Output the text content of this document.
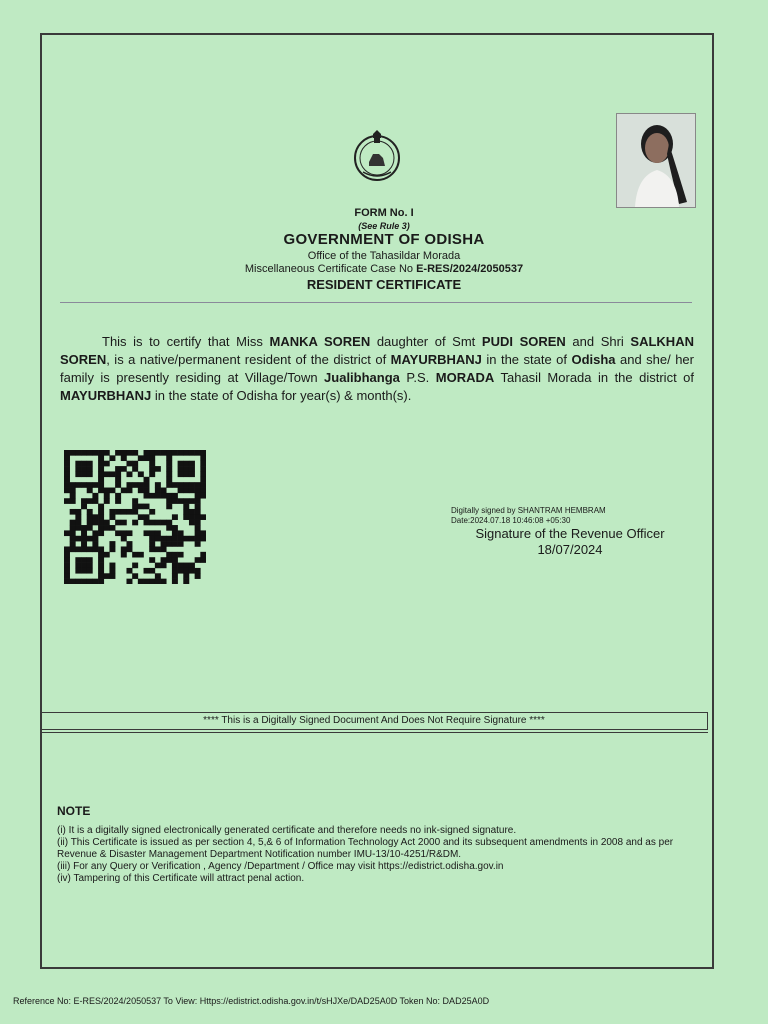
FORM No. I
(See Rule 3)
GOVERNMENT OF ODISHA
Office of the Tahasildar Morada
Miscellaneous Certificate Case No E-RES/2024/2050537
RESIDENT CERTIFICATE
This is to certify that Miss MANKA SOREN daughter of Smt PUDI SOREN and Shri SALKHAN SOREN, is a native/permanent resident of the district of MAYURBHANJ in the state of Odisha and she/ her family is presently residing at Village/Town Jualibhanga P.S. MORADA Tahasil Morada in the district of MAYURBHANJ in the state of Odisha for year(s) & month(s).
Digitally signed by SHANTRAM HEMBRAM
Date:2024.07.18 10:46:08 +05:30
Signature of the Revenue Officer
18/07/2024
**** This is a Digitally Signed Document And Does Not Require Signature ****
NOTE
(i) It is a digitally signed electronically generated certificate and therefore needs no ink-signed signature.
(ii) This Certificate is issued as per section 4, 5,& 6 of Information Technology Act 2000 and its subsequent amendments in 2008 and as per Revenue & Disaster Management Department Notification number IMU-13/10-4251/R&DM.
(iii) For any Query or Verification , Agency /Department / Office may visit https://edistrict.odisha.gov.in
(iv) Tampering of this Certificate will attract penal action.
Reference No: E-RES/2024/2050537 To View: Https://edistrict.odisha.gov.in/t/sHJXe/DAD25A0D Token No: DAD25A0D
